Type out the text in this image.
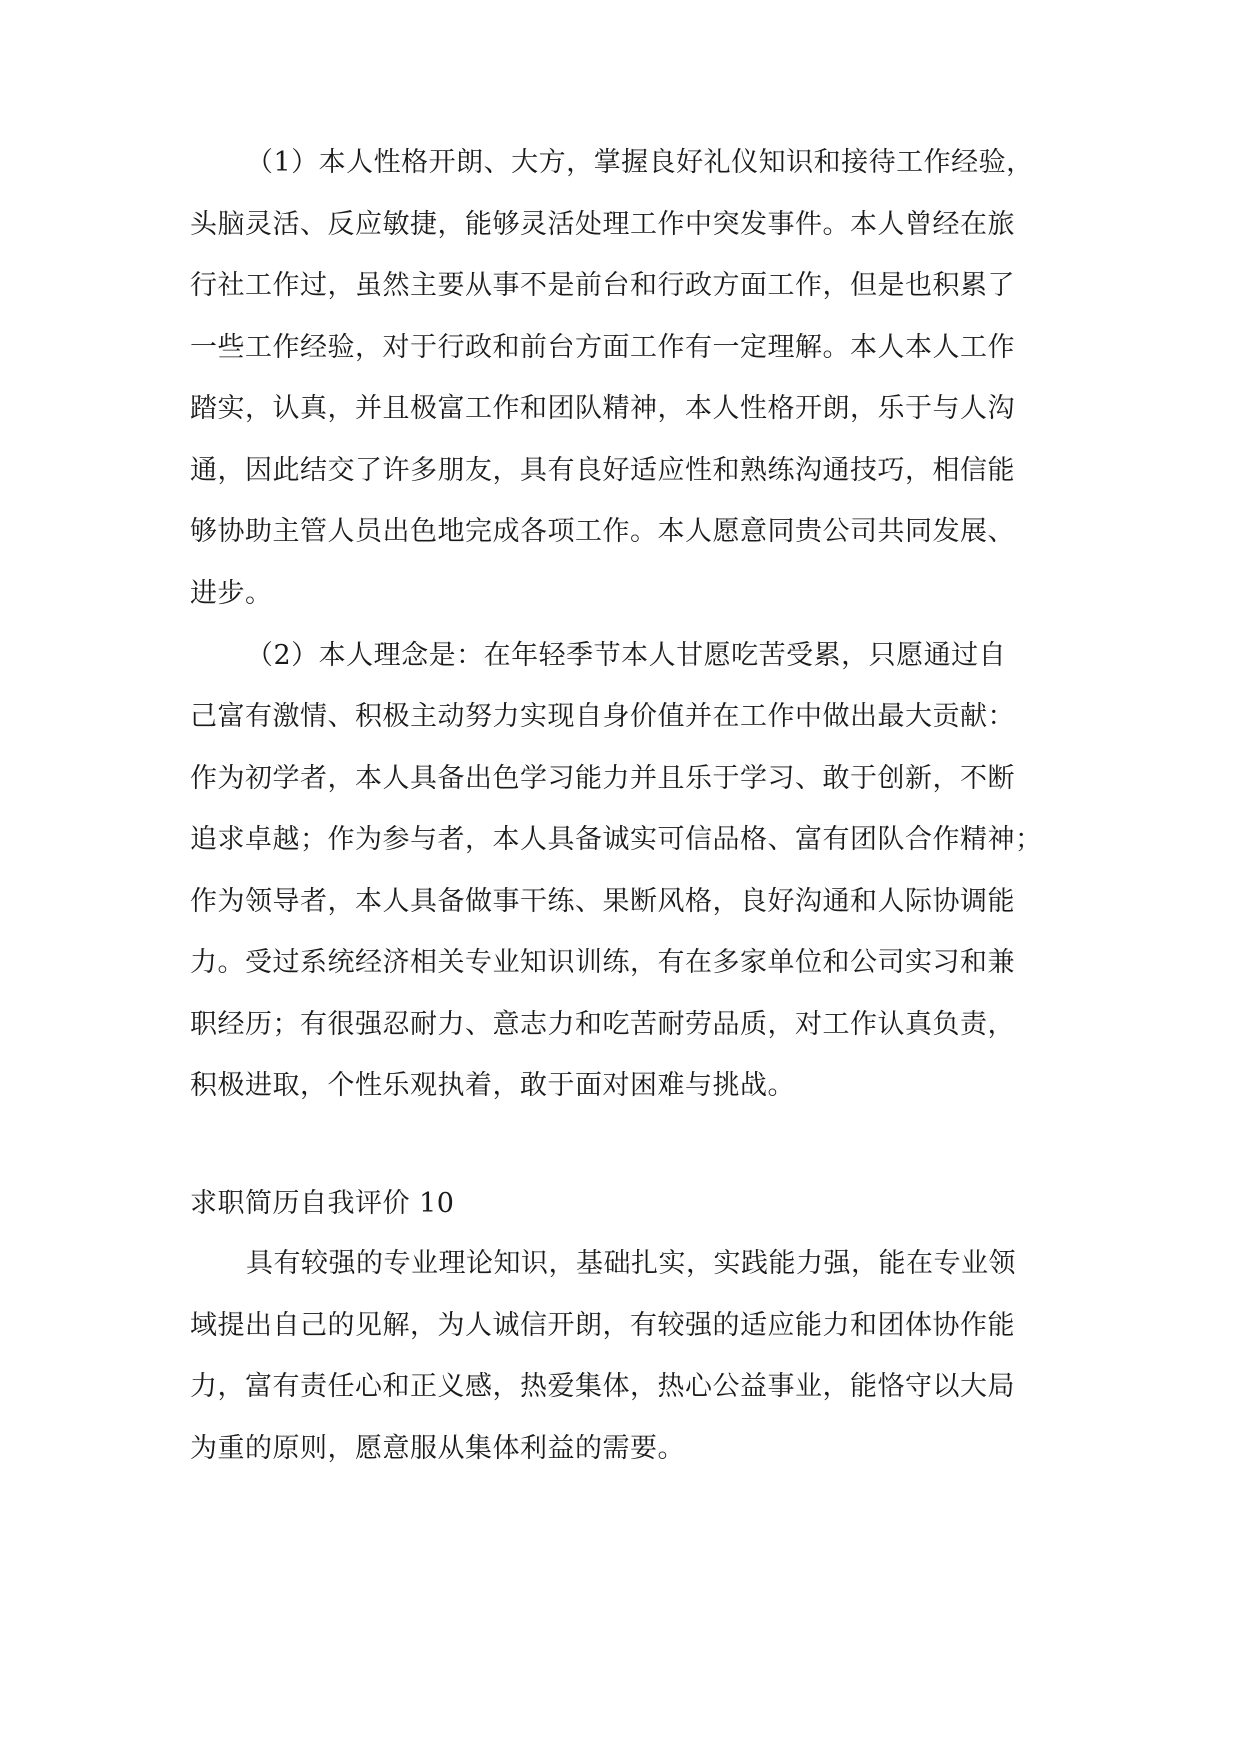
（1）本人性格开朗、大方，掌握良好礼仪知识和接待工作经验，
头脑灵活、反应敏捷，能够灵活处理工作中突发事件。本人曾经在旅
行社工作过，虽然主要从事不是前台和行政方面工作，但是也积累了
一些工作经验，对于行政和前台方面工作有一定理解。本人本人工作
踏实，认真，并且极富工作和团队精神，本人性格开朗，乐于与人沟
通，因此结交了许多朋友，具有良好适应性和熟练沟通技巧，相信能
够协助主管人员出色地完成各项工作。本人愿意同贵公司共同发展、
进步。
（2）本人理念是：在年轻季节本人甘愿吃苦受累，只愿通过自
己富有激情、积极主动努力实现自身价值并在工作中做出最大贡献：
作为初学者，本人具备出色学习能力并且乐于学习、敢于创新，不断
追求卓越；作为参与者，本人具备诚实可信品格、富有团队合作精神；
作为领导者，本人具备做事干练、果断风格，良好沟通和人际协调能
力。受过系统经济相关专业知识训练，有在多家单位和公司实习和兼
职经历；有很强忍耐力、意志力和吃苦耐劳品质，对工作认真负责，
积极进取，个性乐观执着，敢于面对困难与挑战。
求职简历自我评价 10
具有较强的专业理论知识，基础扎实，实践能力强，能在专业领
域提出自己的见解，为人诚信开朗，有较强的适应能力和团体协作能
力，富有责任心和正义感，热爱集体，热心公益事业，能恪守以大局
为重的原则，愿意服从集体利益的需要。
